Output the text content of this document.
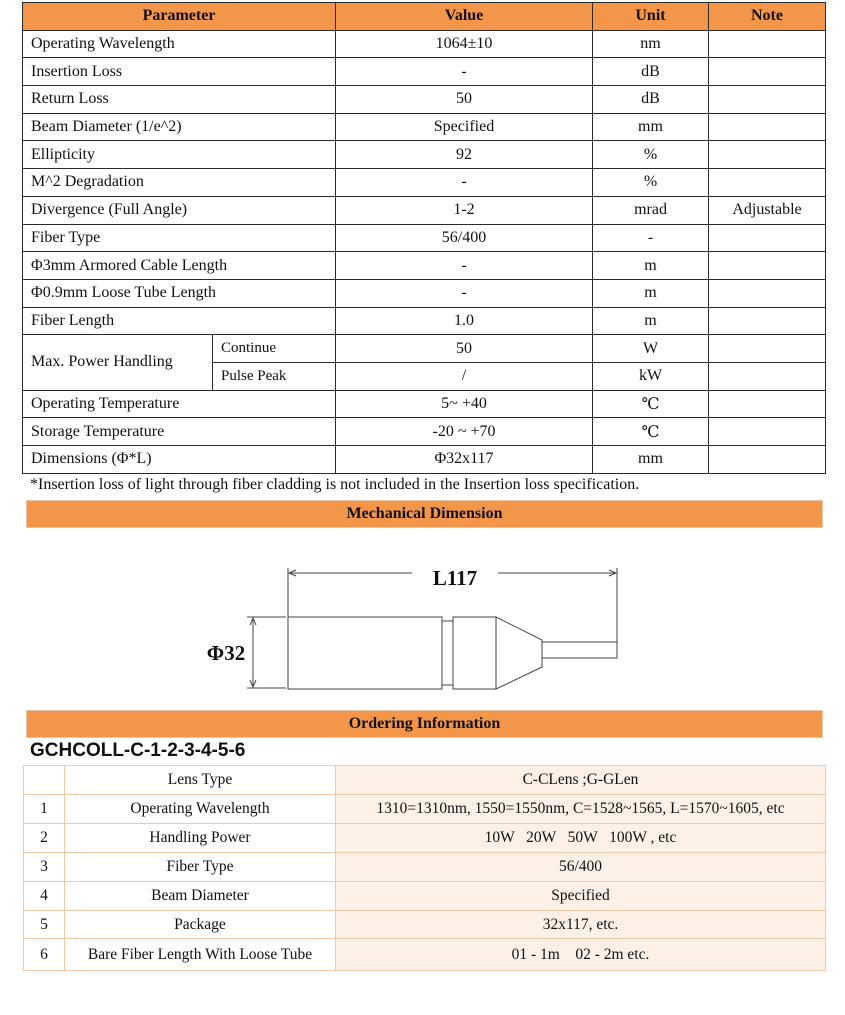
Parameter		Value	Unit	Note
Operating Wavelength		1064±10	nm	
Insertion Loss		-	dB	
Return Loss		50	dB	
Beam Diameter (1/e^2)		Specified	mm	
Ellipticity		92	%	
M^2 Degradation		-	%	
Divergence (Full Angle)		1-2	mrad	Adjustable
Fiber Type		56/400	-	
Φ3mm Armored Cable Length		-	m	
Φ0.9mm Loose Tube Length		-	m	
Fiber Length		1.0	m	
Max. Power Handling	Continue	50	W	
	Pulse Peak	/	kW	
Operating Temperature		5~ +40	℃	
Storage Temperature		-20 ~ +70	℃	
Dimensions (Φ*L)		Φ32x117	mm	
*Insertion loss of light through fiber cladding is not included in the Insertion loss specification.
Mechanical Dimension
L117
Φ32
Ordering Information
GCHCOLL-C-1-2-3-4-5-6
	Lens Type	C-CLens ;G-GLen
1	Operating Wavelength	1310=1310nm, 1550=1550nm, C=1528~1565, L=1570~1605, etc
2	Handling Power	10W   20W   50W   100W , etc
3	Fiber Type	56/400
4	Beam Diameter	Specified
5	Package	32x117, etc.
6	Bare Fiber Length With Loose Tube	01 - 1m    02 - 2m etc.
